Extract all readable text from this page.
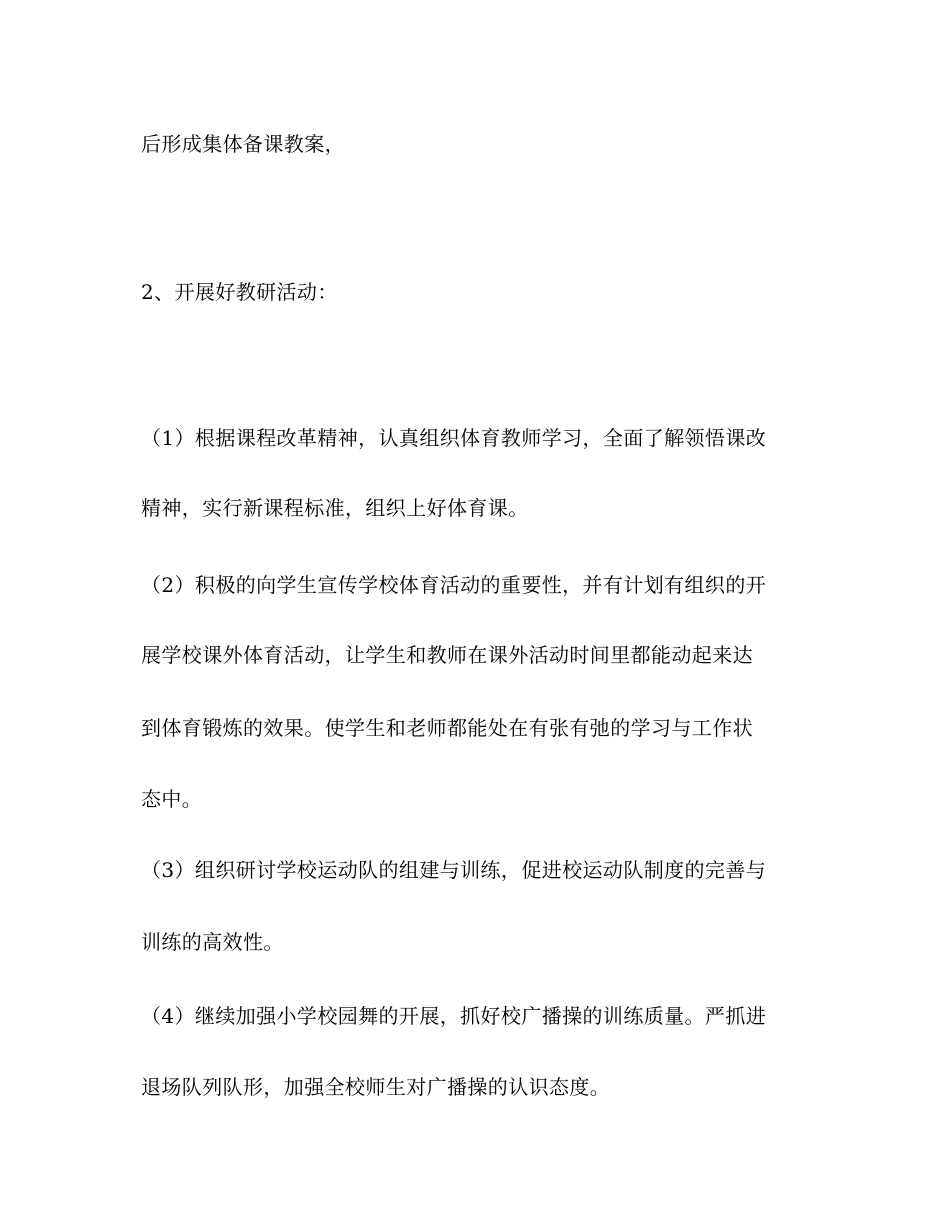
后形成集体备课教案，
2、开展好教研活动：
（1）根据课程改革精神，认真组织体育教师学习，全面了解领悟课改
精神，实行新课程标准，组织上好体育课。
（2）积极的向学生宣传学校体育活动的重要性，并有计划有组织的开
展学校课外体育活动，让学生和教师在课外活动时间里都能动起来达
到体育锻炼的效果。使学生和老师都能处在有张有弛的学习与工作状
态中。
（3）组织研讨学校运动队的组建与训练，促进校运动队制度的完善与
训练的高效性。
（4）继续加强小学校园舞的开展，抓好校广播操的训练质量。严抓进
退场队列队形，加强全校师生对广播操的认识态度。
